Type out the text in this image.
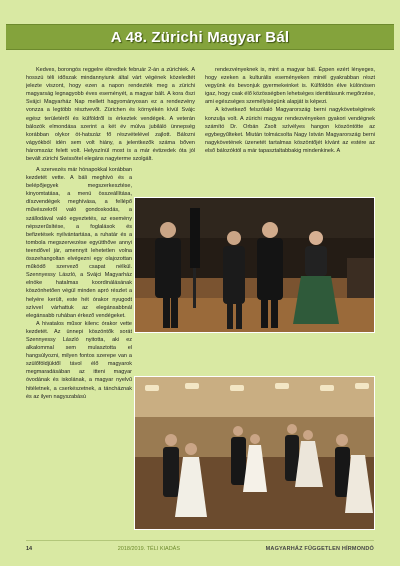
A 48. Zürichi Magyar Bál

Kedves, borongós reggelre ébredtek február 2-án a zürichiek. A hosszú téli időszak mindannyiunk által várt végének közeledtét jelezte viszont, hogy ezen a napon rendezték meg a zürichi magyarság legnagyobb éves eseményét, a magyar bált. A kora őszi Svájci Magyarház Nap mellett hagyományosan ez a rendezvény vonzza a legtöbb résztvevőt. Zürichen és környékén kívül Svájc egész területéről és külföldről is érkeztek vendégek. A veterán bálozók elmondása szerint a két év múlva jubiláló ünnepség korábban olykor öt-hatszáz fő részvételével zajlott. Bálozni vágyókból idén sem volt hiány, a jelentkezők száma bőven háromszáz felett volt. Helyszínül most is a már évtizedek óta jól bevált zürichi Swissôtel elegáns nagyterme szolgált.

rendezvényeknek is, mint a magyar bál. Éppen ezért lényeges, hogy ezeken a kulturális eseményeken minél gyakrabban részt vegyünk és bevonjuk gyermekeinket is. Külföldön élve különösen igaz, hogy csak élő közösségben lehetséges identitásunk megőrzése, ami egészséges személyiségünk alapját is képezi.

A következő felszólaló Magyarország berni nagykövetségének konzulja volt. A zürichi magyar rendezvényeken gyakori vendégnek számító Dr. Orbán Zsolt szívélyes hangon köszöntötte az egybegyűlteket. Miután tolmácsolta Nagy István Magyarország berni nagykövetének üzenetét tartalmas köszöntőjét kívánt az estére az első bálozóktól a már tapasztaltabbakig mindenkinek. A

A szervezés már hónapokkal korábban kezdetét vette. A báli meghívó és a belépőjegyek megszerkesztése, kinyomtatása, a menü összeállítása, díszvendégek meghívása, a fellépő művészekről való gondoskodás, a szállodával való egyeztetés, az esemény népszerűsítése, a foglalások és befizetések nyilvántartása, a ruhatár és a tombola megszervezése együtthőve annyi teendővel jár, amennyit lehetetlen volna összehangoltan elvégezni egy olajozottan működő szervező csapat nélkül. Szennyessy László, a Svájci Magyarház elnöke hatalmas koordinálásának köszönhetően végül minden apró részlet a helyére került, este hét órakor nyugodt szívvel várhattuk az elegánsabbnál elegánsabb ruhában érkező vendégeket.

A hivatalos műsor kilenc órakor vette kezdetét. Az ünnepi köszöntők sorát Szennyessy László nyitotta, aki ez alkalommal sem mulasztotta el hangsúlyozni, milyen fontos szerepe van a szülőföldjüktől távol élő magyarok megmaradásában az itteni magyar óvodának és iskolának, a magyar nyelvű hitéletnek, a cserkészetnek, a táncháznak és az ilyen nagyszabású

14	2018/2019. TÉLI KIADÁS	MAGYARHÁZ FÜGGETLEN HÍRMONDÓ
